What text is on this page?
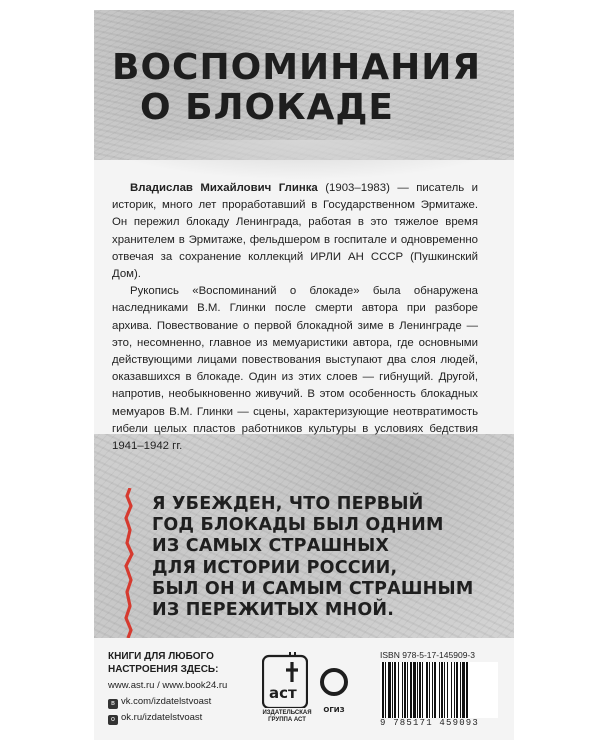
ВОСПОМИНАНИЯ
О БЛОКАДЕ

Владислав Михайлович Глинка (1903–1983) — писатель и историк, много лет проработавший в Государственном Эрмитаже. Он пережил блокаду Ленинграда, работая в это тяжелое время хранителем в Эрмитаже, фельдшером в госпитале и одновременно отвечая за сохранение коллекций ИРЛИ АН СССР (Пушкинский Дом).

Рукопись «Воспоминаний о блокаде» была обнаружена наследниками В.М. Глинки после смерти автора при разборе архива. Повествование о первой блокадной зиме в Ленинграде — это, несомненно, главное из мемуаристики автора, где основными действующими лицами повествования выступают два слоя людей, оказавшихся в блокаде. Один из этих слоев — гибнущий. Другой, напротив, необыкновенно живучий. В этом особенность блокадных мемуаров В.М. Глинки — сцены, характеризующие неотвратимость гибели целых пластов работников культуры в условиях бедствия 1941–1942 гг.

Я УБЕЖДЕН, ЧТО ПЕРВЫЙ
ГОД БЛОКАДЫ БЫЛ ОДНИМ
ИЗ САМЫХ СТРАШНЫХ
ДЛЯ ИСТОРИИ РОССИИ,
БЫЛ ОН И САМЫМ СТРАШНЫМ
ИЗ ПЕРЕЖИТЫХ МНОЙ.
КНИГИ ДЛЯ ЛЮБОГО
НАСТРОЕНИЯ ЗДЕСЬ:
www.ast.ru / www.book24.ru
в vk.com/izdatelstvoast
о ok.ru/izdatelstvoast
аст
ИЗДАТЕЛЬСКАЯ
ГРУППА АСТ
ОГИЗ
ISBN 978-5-17-145909-3
9 785171 459093
